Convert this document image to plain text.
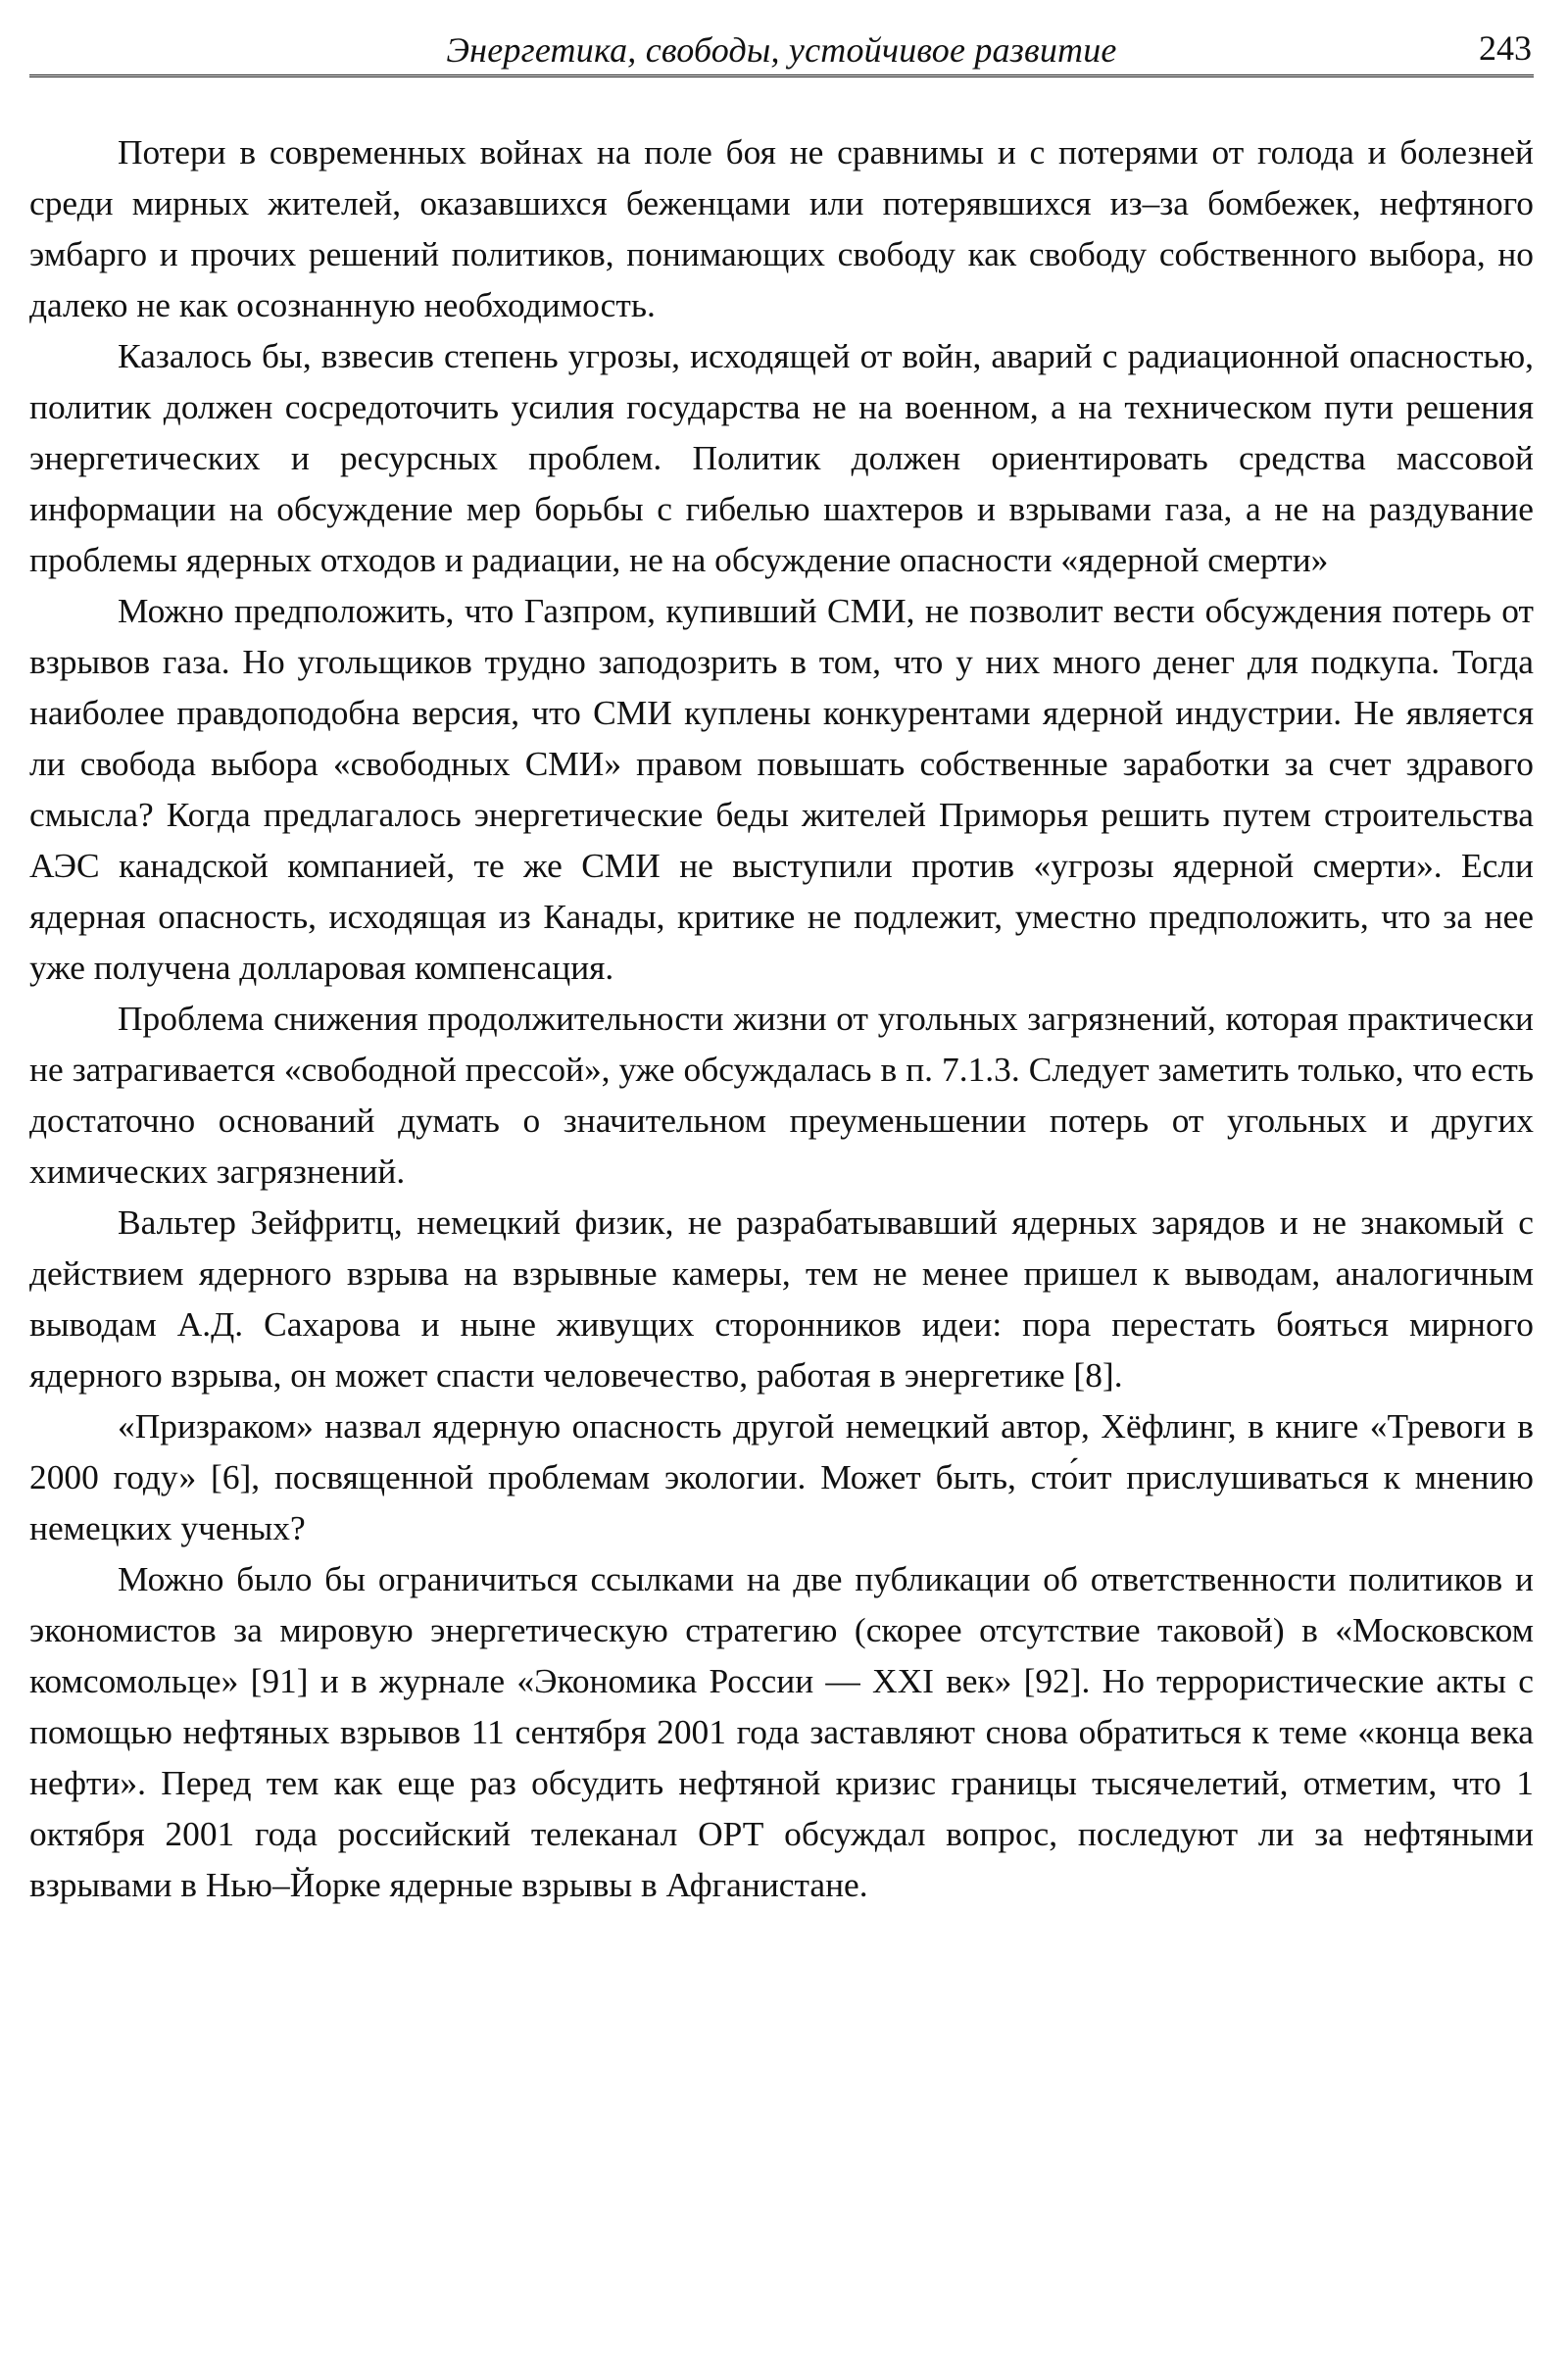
Энергетика, свободы, устойчивое развитие	243

Потери в современных войнах на поле боя не сравнимы и с потерями от голода и болезней среди мирных жителей, оказавшихся беженцами или потерявшихся из–за бомбежек, нефтяного эмбарго и прочих решений политиков, понимающих свободу как свободу собственного выбора, но далеко не как осознанную необходимость.

Казалось бы, взвесив степень угрозы, исходящей от войн, аварий с радиационной опасностью, политик должен сосредоточить усилия государства не на военном, а на техническом пути решения энергетических и ресурсных проблем. Политик должен ориентировать средства массовой информации на обсуждение мер борьбы с гибелью шахтеров и взрывами газа, а не на раздувание проблемы ядерных отходов и радиации, не на обсуждение опасности «ядерной смерти»

Можно предположить, что Газпром, купивший СМИ, не позволит вести обсуждения потерь от взрывов газа. Но угольщиков трудно заподозрить в том, что у них много денег для подкупа. Тогда наиболее правдоподобна версия, что СМИ куплены конкурентами ядерной индустрии. Не является ли свобода выбора «свободных СМИ» правом повышать собственные заработки за счет здравого смысла? Когда предлагалось энергетические беды жителей Приморья решить путем строительства АЭС канадской компанией, те же СМИ не выступили против «угрозы ядерной смерти». Если ядерная опасность, исходящая из Канады, критике не подлежит, уместно предположить, что за нее уже получена долларовая компенсация.

Проблема снижения продолжительности жизни от угольных загрязнений, которая практически не затрагивается «свободной прессой», уже обсуждалась в п. 7.1.3. Следует заметить только, что есть достаточно оснований думать о значительном преуменьшении потерь от угольных и других химических загрязнений.

Вальтер Зейфритц, немецкий физик, не разрабатывавший ядерных зарядов и не знакомый с действием ядерного взрыва на взрывные камеры, тем не менее пришел к выводам, аналогичным выводам А.Д. Сахарова и ныне живущих сторонников идеи: пора перестать бояться мирного ядерного взрыва, он может спасти человечество, работая в энергетике [8].

«Призраком» назвал ядерную опасность другой немецкий автор, Хёфлинг, в книге «Тревоги в 2000 году» [6], посвященной проблемам экологии. Может быть, сто́ит прислушиваться к мнению немецких ученых?

Можно было бы ограничиться ссылками на две публикации об ответственности политиков и экономистов за мировую энергетическую стратегию (скорее отсутствие таковой) в «Московском комсомольце» [91] и в журнале «Экономика России — XXI век» [92]. Но террористические акты с помощью нефтяных взрывов 11 сентября 2001 года заставляют снова обратиться к теме «конца века нефти». Перед тем как еще раз обсудить нефтяной кризис границы тысячелетий, отметим, что 1 октября 2001 года российский телеканал ОРТ обсуждал вопрос, последуют ли за нефтяными взрывами в Нью–Йорке ядерные взрывы в Афганистане.
